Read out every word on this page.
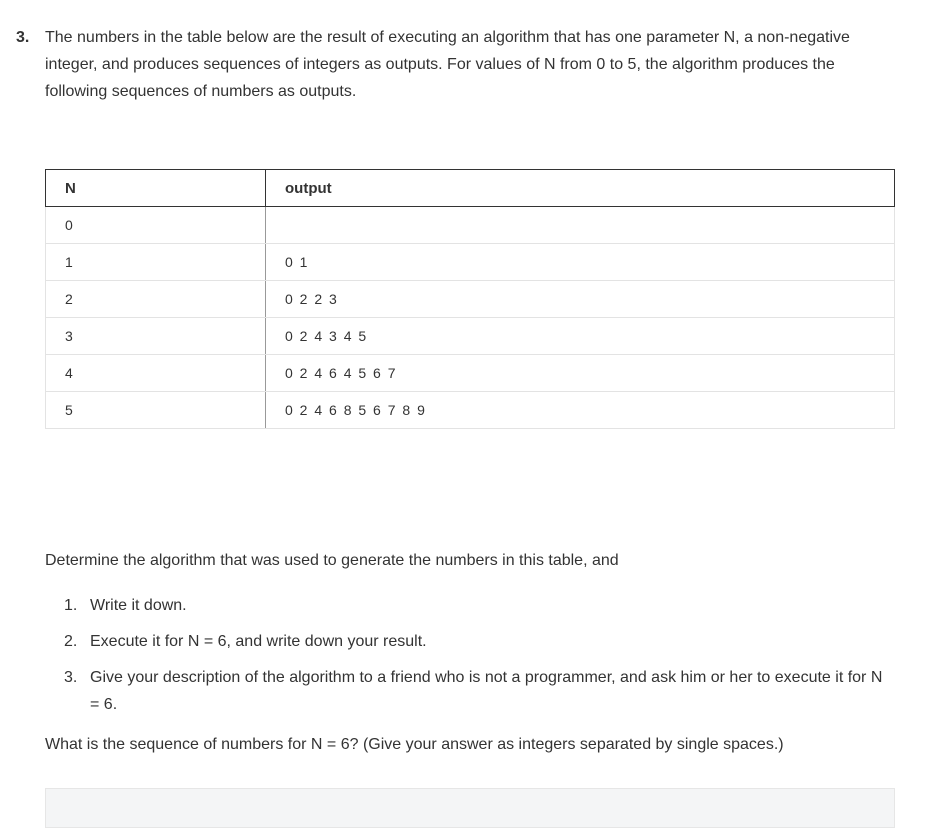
3. The numbers in the table below are the result of executing an algorithm that has one parameter N, a non-negative integer, and produces sequences of integers as outputs. For values of N from 0 to 5, the algorithm produces the following sequences of numbers as outputs.
N	output
0	
1	0 1
2	0 2 2 3
3	0 2 4 3 4 5
4	0 2 4 6 4 5 6 7
5	0 2 4 6 8 5 6 7 8 9
Determine the algorithm that was used to generate the numbers in this table, and
1. Write it down.
2. Execute it for N = 6, and write down your result.
3. Give your description of the algorithm to a friend who is not a programmer, and ask him or her to execute it for N = 6.
What is the sequence of numbers for N = 6? (Give your answer as integers separated by single spaces.)
